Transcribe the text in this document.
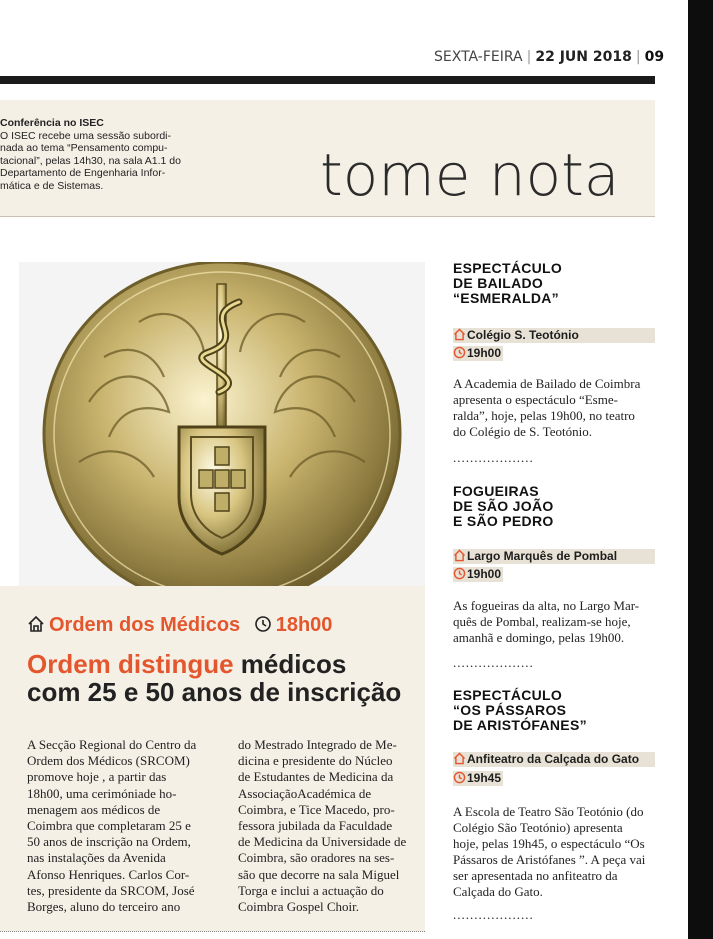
SEXTA-FEIRA | 22 JUN 2018 | 09
Conferência no ISEC
O ISEC recebe uma sessão subordi-
nada ao tema “Pensamento compu-
tacional”, pelas 14h30, na sala A1.1 do
Departamento de Engenharia Infor-
mática e de Sistemas.	tome nota
Ordem dos Médicos 18h00
Ordem distingue médicos
com 25 e 50 anos de inscrição
A Secção Regional do Centro da
Ordem dos Médicos (SRCOM)
promove hoje , a partir das
18h00, uma cerimóniade ho-
menagem aos médicos de
Coimbra que completaram 25 e
50 anos de inscrição na Ordem,
nas instalações da Avenida
Afonso Henriques. Carlos Cor-
tes, presidente da SRCOM, José
Borges, aluno do terceiro ano
do Mestrado Integrado de Me-
dicina e presidente do Núcleo
de Estudantes de Medicina da
AssociaçãoAcadémica de
Coimbra, e Tice Macedo, pro-
fessora jubilada da Faculdade
de Medicina da Universidade de
Coimbra, são oradores na ses-
são que decorre na sala Miguel
Torga e inclui a actuação do
Coimbra Gospel Choir.
ESPECTÁCULO
DE BAILADO
“ESMERALDA”
Colégio S. Teotónio
19h00
A Academia de Bailado de Coimbra
apresenta o espectáculo “Esme-
ralda”, hoje, pelas 19h00, no teatro
do Colégio de S. Teotónio.
...................
FOGUEIRAS
DE SÃO JOÃO
E SÃO PEDRO
Largo Marquês de Pombal
19h00
As fogueiras da alta, no Largo Mar-
quês de Pombal, realizam-se hoje,
amanhã e domingo, pelas 19h00.
...................
ESPECTÁCULO
“OS PÁSSAROS
DE ARISTÓFANES”
Anfiteatro da Calçada do Gato
19h45
A Escola de Teatro São Teotónio (do
Colégio São Teotónio) apresenta
hoje, pelas 19h45, o espectáculo “Os
Pássaros de Aristófanes ”. A peça vai
ser apresentada no anfiteatro da
Calçada do Gato.
...................
